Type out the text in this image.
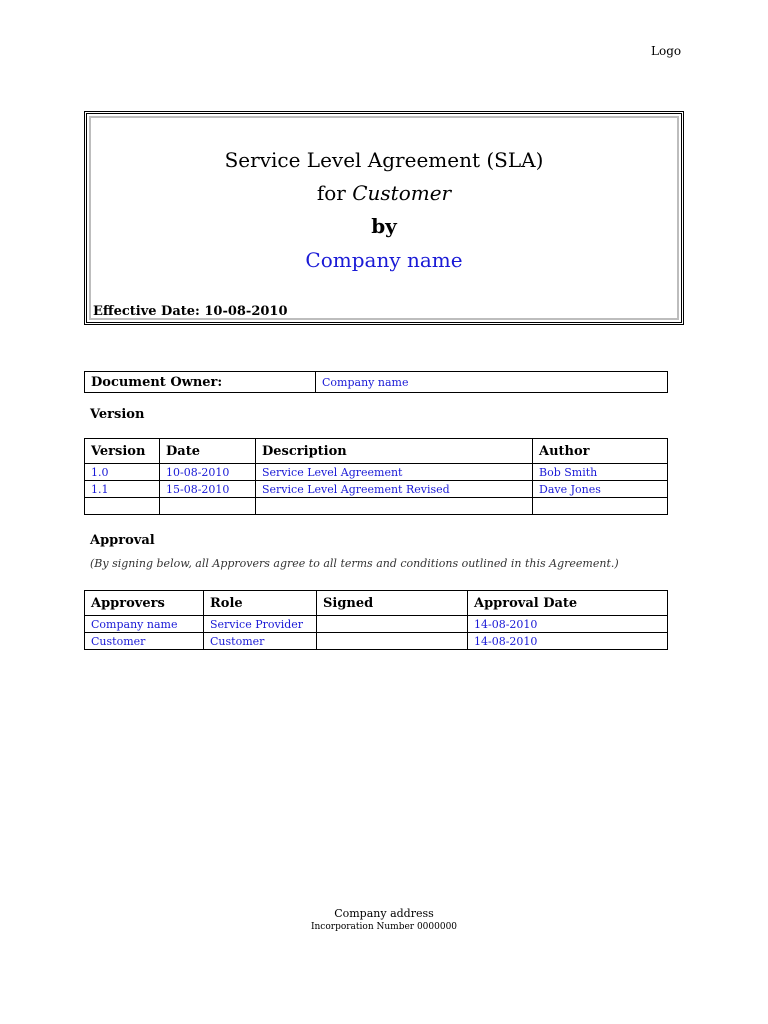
Logo
Service Level Agreement (SLA)
for Customer
by
Company name
Effective Date: 10-08-2010
Document Owner:	Company name
Version
Version	Date	Description	Author
1.0	10-08-2010	Service Level Agreement	Bob Smith
1.1	15-08-2010	Service Level Agreement Revised	Dave Jones

Approval
(By signing below, all Approvers agree to all terms and conditions outlined in this Agreement.)
Approvers	Role	Signed	Approval Date
Company name	Service Provider		14-08-2010
Customer	Customer		14-08-2010
Company address
Incorporation Number 0000000
